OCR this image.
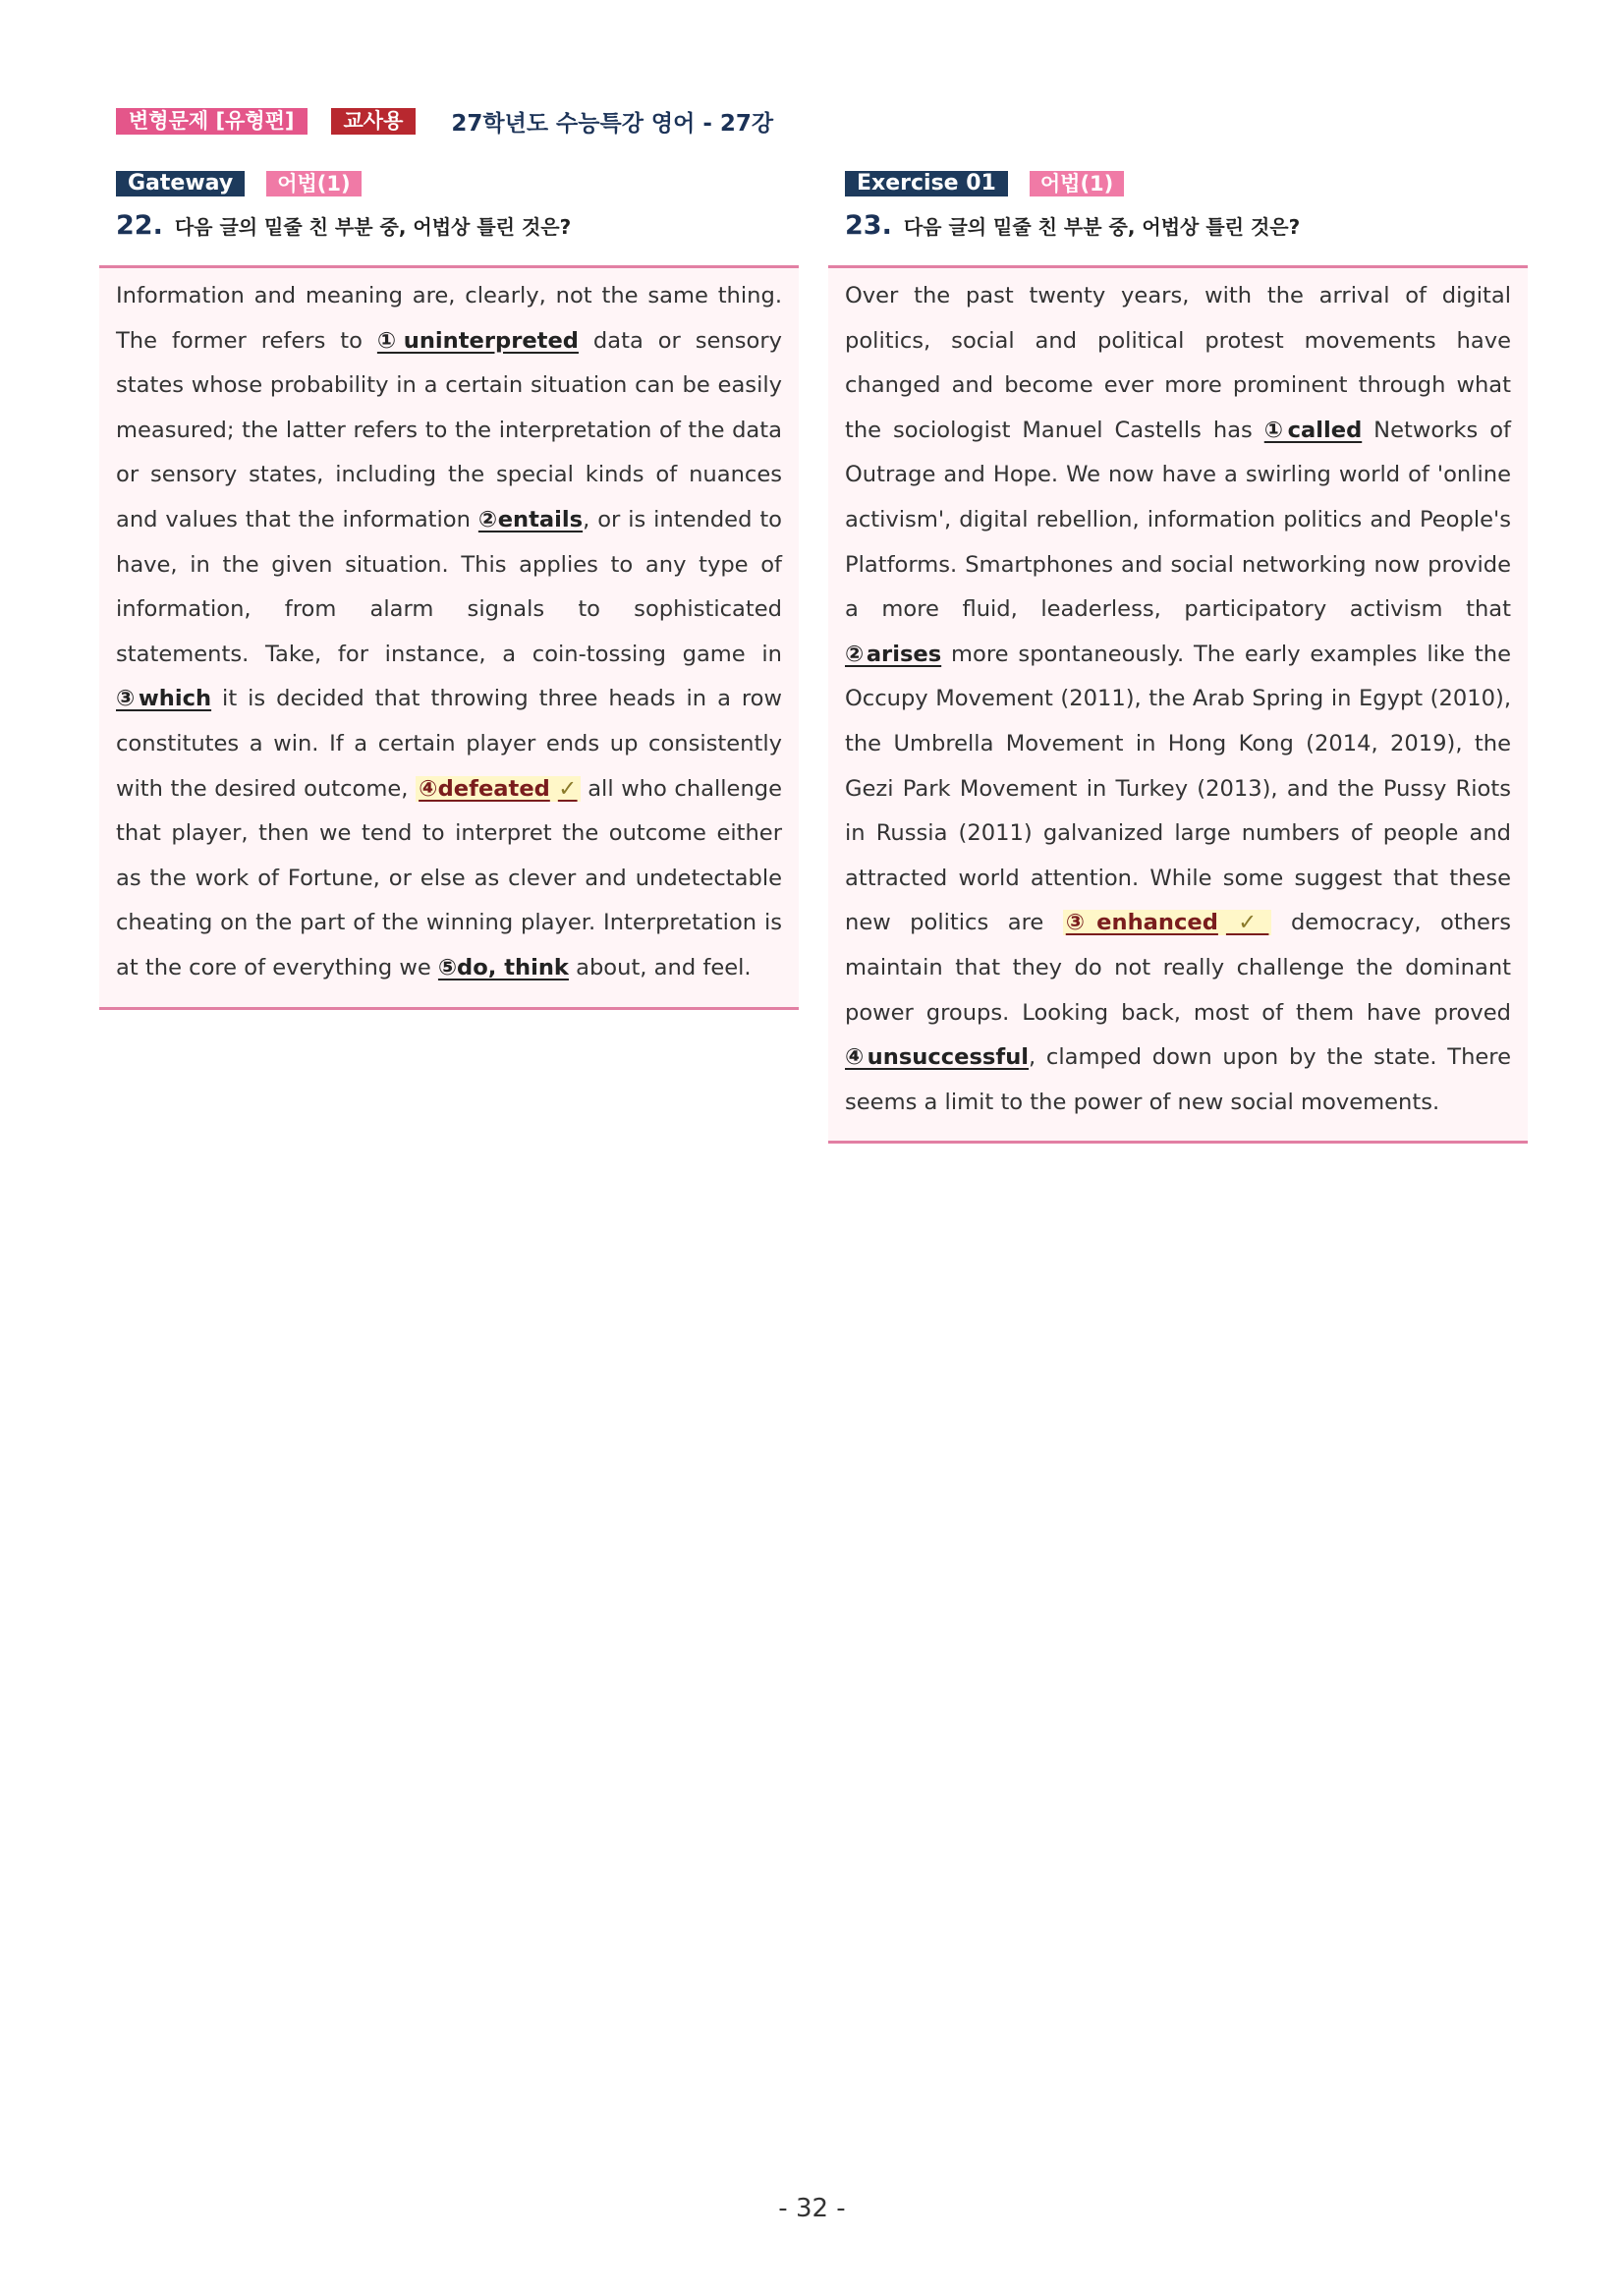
변형문제 [유형편]	교사용	27학년도 수능특강 영어 - 27강
Gateway	어법(1)
22. 다음 글의 밑줄 친 부분 중, 어법상 틀린 것은?
Information and meaning are, clearly, not the same thing. The former refers to ①uninterpreted data or sensory states whose probability in a certain situation can be easily measured; the latter refers to the interpretation of the data or sensory states, including the special kinds of nuances and values that the information ②entails, or is intended to have, in the given situation. This applies to any type of information, from alarm signals to sophisticated statements. Take, for instance, a coin-tossing game in ③which it is decided that throwing three heads in a row constitutes a win. If a certain player ends up consistently with the desired outcome, ④defeated ✓ all who challenge that player, then we tend to interpret the outcome either as the work of Fortune, or else as clever and undetectable cheating on the part of the winning player. Interpretation is at the core of everything we ⑤do, think about, and feel.
Exercise 01	어법(1)
23. 다음 글의 밑줄 친 부분 중, 어법상 틀린 것은?
Over the past twenty years, with the arrival of digital politics, social and political protest movements have changed and become ever more prominent through what the sociologist Manuel Castells has ①called Networks of Outrage and Hope. We now have a swirling world of 'online activism', digital rebellion, information politics and People's Platforms. Smartphones and social networking now provide a more fluid, leaderless, participatory activism that ②arises more spontaneously. The early examples like the Occupy Movement (2011), the Arab Spring in Egypt (2010), the Umbrella Movement in Hong Kong (2014, 2019), the Gezi Park Movement in Turkey (2013), and the Pussy Riots in Russia (2011) galvanized large numbers of people and attracted world attention. While some suggest that these new politics are ③enhanced ✓ democracy, others maintain that they do not really challenge the dominant power groups. Looking back, most of them have proved ④unsuccessful, clamped down upon by the state. There seems a limit to the power of new social movements.
- 32 -
